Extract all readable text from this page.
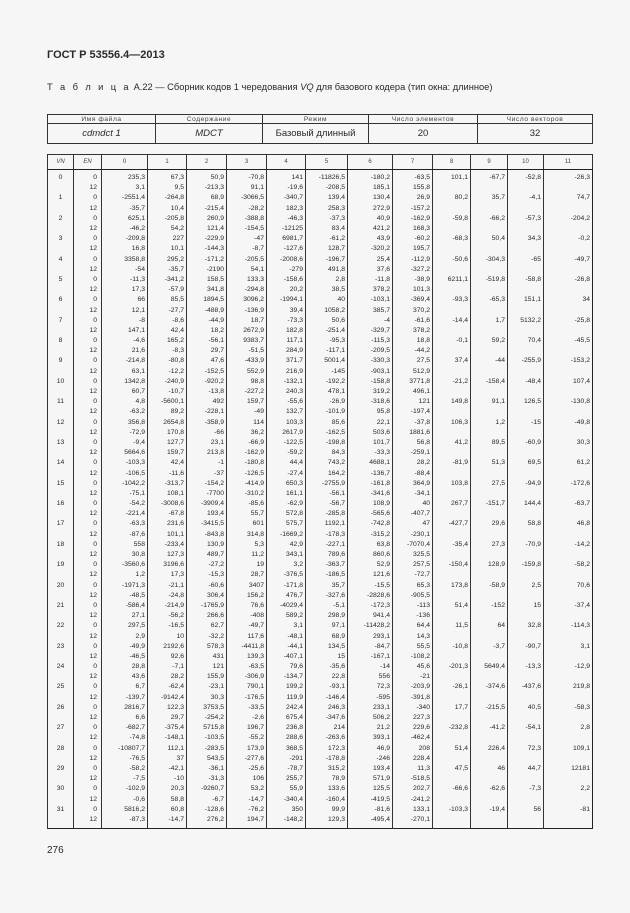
ГОСТ Р 53556.4—2013
Т а б л и ц а А.22 — Сборник кодов 1 чередования VQ для базового кодера (тип окна: длинное)
Имя файла	Содержание	Режим	Число элементов	Число векторов
cdmdct 1	MDCT	Базовый длинный	20	32
VN	EN	0	1	2	3	4	5	6	7	8	9	10	11
0	0	235,3	67,3	50,9	-70,8	141	-11826,5	-180,2	-63,5	101,1	-67,7	-52,8	-26,3
	12	3,1	9,5	-213,3	91,1	-19,6	-208,5	185,1	155,8				
1	0	-2551,4	-264,8	68,9	-3066,5	-340,7	139,4	130,4	26,9	80,2	35,7	-4,1	74,7
	12	-35,7	10,4	-215,4	-28,2	182,3	258,3	272,9	-157,2				
2	0	625,1	-205,8	260,9	-388,8	-46,3	-37,3	40,9	-162,9	-59,8	-66,2	-57,3	-204,2
	12	-46,2	54,2	121,4	-154,5	-12125	83,4	421,2	168,3				
3	0	-209,8	227	-229,9	-47	6981,7	-61,2	43,9	-60,2	-68,3	50,4	34,3	-0,2
	12	16,8	10,1	-144,3	-8,7	-127,6	128,7	-320,2	195,7				
4	0	3358,8	295,2	-171,2	-205,5	-2008,6	-196,7	25,4	-112,9	-50,6	-304,3	-65	-49,7
	12	-54	-35,7	-2190	54,1	-279	491,8	37,6	-327,2				
5	0	-11,3	-341,2	158,5	133,3	-158,6	2,8	-11,8	-38,9	6211,1	-519,8	-58,8	-26,8
	12	17,3	-57,9	341,8	-294,8	20,2	38,5	378,2	101,3				
6	0	66	85,5	1894,5	3096,2	-1994,1	40	-103,1	-369,4	-93,3	-65,3	151,1	34
	12	12,1	-27,7	-488,9	-136,9	39,4	1058,2	385,7	370,2				
7	0	-8	-8,6	-44,9	18,7	-73,3	50,6	-4	-61,6	-14,4	1,7	5132,2	-25,8
	12	147,1	42,4	18,2	2672,9	182,8	-251,4	-329,7	378,2				
8	0	-4,6	165,2	-56,1	9383,7	117,1	-95,3	-115,3	18,8	-0,1	59,2	70,4	-45,5
	12	21,6	-8,3	29,7	-51,5	284,9	-117,1	-209,5	-44,2				
9	0	-214,8	-80,8	47,6	-433,9	371,7	5001,4	-330,3	27,5	37,4	-44	-255,9	-153,2
	12	63,1	-12,2	-152,5	552,9	216,9	-145	-903,1	512,9				
10	0	1342,8	-240,9	-920,2	98,8	-132,1	-192,2	-158,8	3771,8	-21,2	-158,4	-48,4	107,4
	12	60,7	-10,7	-13,8	-227,2	240,3	478,1	319,2	496,1				
11	0	4,8	-5600,1	492	159,7	-55,6	-26,9	-318,6	121	149,8	91,1	126,5	-130,8
	12	-63,2	89,2	-228,1	-49	132,7	-101,9	95,8	-197,4				
12	0	356,8	2654,8	-358,9	114	103,3	85,6	22,1	-37,8	106,3	1,2	-15	-49,8
	12	-72,9	170,8	-66	36,2	2617,9	-162,5	503,6	1881,6				
13	0	-9,4	127,7	23,1	-66,9	-122,5	-198,8	101,7	56,8	41,2	89,5	-60,9	30,3
	12	5664,6	159,7	213,8	-162,9	-59,2	84,3	-33,3	-259,1				
14	0	-103,3	42,4	-1	-180,8	44,4	743,2	4688,1	28,2	-81,9	51,3	69,5	61,2
	12	-106,5	-11,6	-37	-126,5	-27,4	164,2	-136,7	-88,4				
15	0	-1042,2	-313,7	-154,2	-414,9	650,3	-2755,9	-161,8	364,9	103,8	27,5	-94,9	-172,6
	12	-75,1	108,1	-7700	-310,2	161,1	-56,1	-341,6	-34,1				
16	0	-54,2	-3008,6	-3909,4	-85,6	-62,9	-56,7	108,9	40	267,7	-151,7	144,4	-63,7
	12	-221,4	-67,8	193,4	55,7	572,8	-285,8	-565,6	-407,7				
17	0	-63,3	231,6	-3415,5	601	575,7	1192,1	-742,8	47	-427,7	29,6	58,8	46,8
	12	-87,6	101,1	-843,8	314,8	-1669,2	-178,3	-315,2	-230,1				
18	0	558	-233,4	130,9	5,3	42,9	-227,1	63,8	-7070,4	-35,4	27,3	-70,9	-14,2
	12	30,8	127,3	489,7	11,2	343,1	789,6	860,6	325,5				
19	0	-3560,6	3196,6	-27,2	19	3,2	-363,7	52,9	257,5	-150,4	128,9	-159,8	-58,2
	12	1,2	17,3	-15,3	28,7	-376,5	-186,5	121,6	-72,7				
20	0	-1971,3	-21,1	-60,6	3407	-171,8	35,7	-15,5	65,3	173,8	-58,9	2,5	70,6
	12	-48,5	-24,8	306,4	156,2	476,7	-327,6	-2828,6	-905,5				
21	0	-586,4	-214,9	-1765,9	76,6	-4029,4	-5,1	-172,3	-113	51,4	-152	15	-37,4
	12	27,1	-56,2	266,6	-408	589,2	298,9	941,4	-136				
22	0	297,5	-16,5	62,7	-49,7	3,1	97,1	-11428,2	64,4	11,5	64	32,8	-114,3
	12	2,9	10	-32,2	117,6	-48,1	68,9	293,1	14,3				
23	0	-49,9	2192,6	578,3	-4411,8	-44,1	134,5	-84,7	55,5	-10,8	-3,7	-90,7	3,1
	12	-46,5	92,6	431	139,3	-407,1	15	-167,1	-108,2				
24	0	28,8	-7,1	121	-63,5	79,6	-35,6	-14	45,6	-201,3	5649,4	-13,3	-12,9
	12	43,6	28,2	155,9	-306,9	-134,7	22,8	556	-21				
25	0	6,7	-62,4	-23,1	790,1	199,2	-93,1	72,3	-203,9	-26,1	-374,6	-437,6	219,8
	12	-139,7	-9142,4	30,3	-176,5	119,9	-146,4	-595	-391,8				
26	0	2816,7	122,3	3753,5	-33,5	242,4	246,3	233,1	-340	17,7	-215,5	40,5	-58,3
	12	6,6	29,7	-254,2	-2,6	675,4	-347,6	506,2	227,3				
27	0	-682,7	-375,4	5715,8	196,7	236,8	214	21,2	229,6	-232,8	-41,2	-54,1	2,8
	12	-74,8	-148,1	-103,5	-55,2	288,6	-263,6	393,1	-462,4				
28	0	-10807,7	112,1	-283,5	173,9	368,5	172,3	46,9	208	51,4	226,4	72,3	109,1
	12	-76,5	37	543,5	-277,6	-291	-178,8	-246	228,4				
29	0	-58,2	-42,1	-36,1	-25,6	-78,7	315,2	193,4	11,3	47,5	46	44,7	12181
	12	-7,5	-10	-31,3	106	255,7	78,9	571,9	-518,5				
30	0	-102,9	20,3	-9260,7	53,2	55,9	133,6	125,5	202,7	-66,6	-62,6	-7,3	2,2
	12	-0,6	58,8	-6,7	-14,7	-340,4	-160,4	-419,5	-241,2				
31	0	5816,2	60,8	-128,6	-76,2	350	99,9	-81,6	133,1	-103,3	-19,4	56	-81
	12	-87,3	-14,7	276,2	194,7	-148,2	129,3	-495,4	-270,1				
276
